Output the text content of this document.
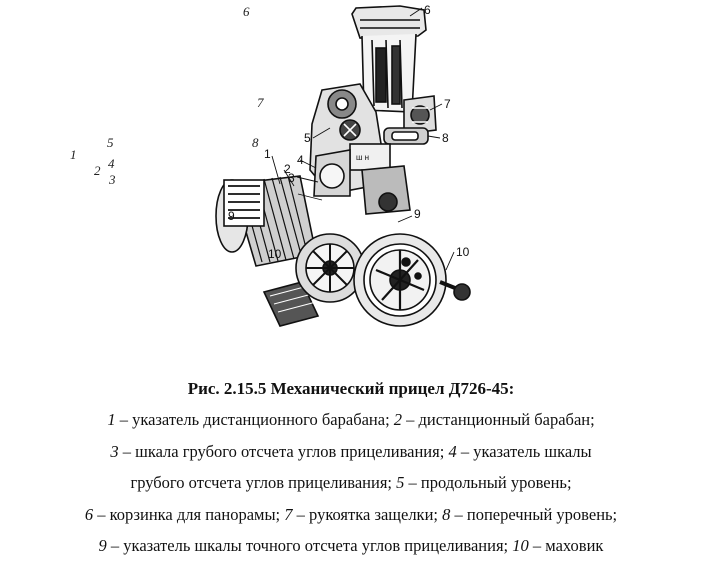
6
7
8
5
1
4
2
3
ш н
6
7
8
5
1 4
2
3
9	9
10	10
Рис. 2.15.5 Механический прицел Д726-45:
1 – указатель дистанционного барабана; 2 – дистанционный барабан;
3 – шкала грубого отсчета углов прицеливания; 4 – указатель шкалы
грубого отсчета углов прицеливания; 5 – продольный уровень;
6 – корзинка для панорамы; 7 – рукоятка защелки; 8 – поперечный уровень;
9 – указатель шкалы точного отсчета углов прицеливания; 10 – маховик
